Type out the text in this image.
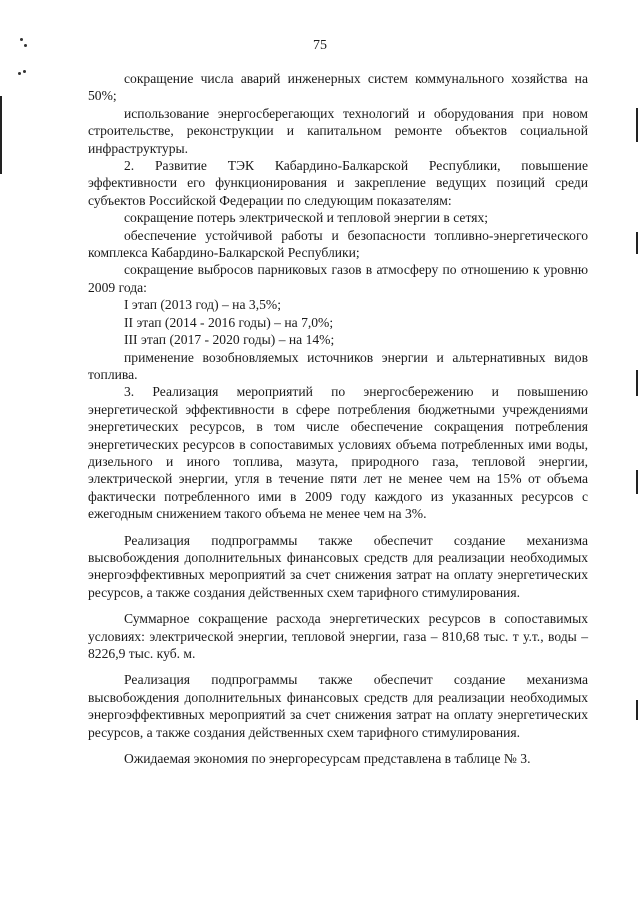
75

сокращение числа аварий инженерных систем коммунального хозяйства на 50%;

использование энергосберегающих технологий и оборудования при новом строительстве, реконструкции и капитальном ремонте объектов социальной инфраструктуры.

2. Развитие ТЭК Кабардино-Балкарской Республики, повышение эффективности его функционирования и закрепление ведущих позиций среди субъектов Российской Федерации по следующим показателям:

сокращение потерь электрической и тепловой энергии в сетях;

обеспечение устойчивой работы и безопасности топливно-энергетического комплекса Кабардино-Балкарской Республики;

сокращение выбросов парниковых газов в атмосферу по отношению к уровню 2009 года:

I этап (2013 год) – на 3,5%;

II этап (2014 - 2016 годы) – на 7,0%;

III этап (2017 - 2020 годы) – на 14%;

применение возобновляемых источников энергии и альтернативных видов топлива.

3. Реализация мероприятий по энергосбережению и повышению энергетической эффективности в сфере потребления бюджетными учреждениями энергетических ресурсов, в том числе обеспечение сокращения потребления энергетических ресурсов в сопоставимых условиях объема потребленных ими воды, дизельного и иного топлива, мазута, природного газа, тепловой энергии, электрической энергии, угля в течение пяти лет не менее чем на 15% от объема фактически потребленного ими в 2009 году каждого из указанных ресурсов с ежегодным снижением такого объема не менее чем на 3%.

Реализация подпрограммы также обеспечит создание механизма высвобождения дополнительных финансовых средств для реализации необходимых энергоэффективных мероприятий за счет снижения затрат на оплату энергетических ресурсов, а также создания действенных схем тарифного стимулирования.

Суммарное сокращение расхода энергетических ресурсов в сопоставимых условиях: электрической энергии, тепловой энергии, газа – 810,68 тыс. т у.т., воды – 8226,9 тыс. куб. м.

Реализация подпрограммы также обеспечит создание механизма высвобождения дополнительных финансовых средств для реализации необходимых энергоэффективных мероприятий за счет снижения затрат на оплату энергетических ресурсов, а также создания действенных схем тарифного стимулирования.

Ожидаемая экономия по энергоресурсам представлена в таблице № 3.
